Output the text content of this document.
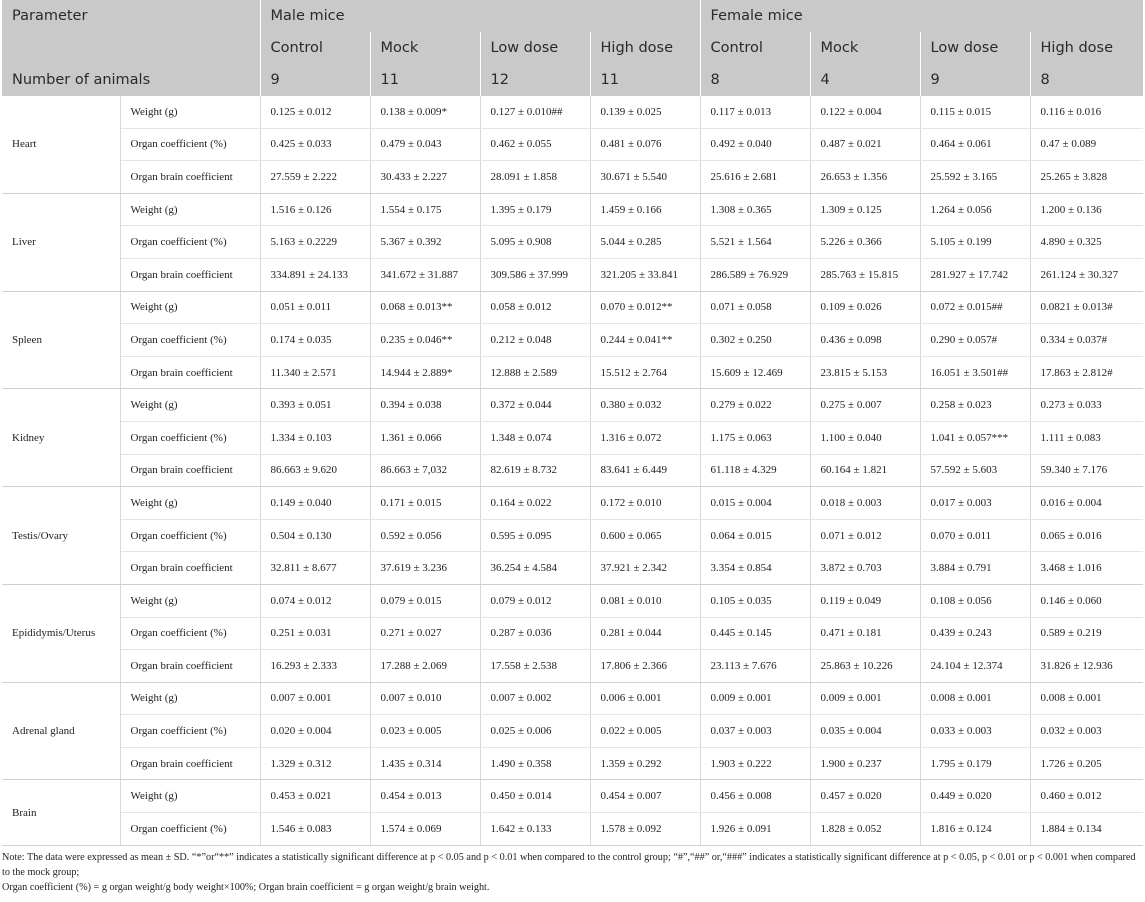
Parameter		Male mice				Female mice			
		Control	Mock	Low dose	High dose	Control	Mock	Low dose	High dose
Number of animals		9	11	12	11	8	4	9	8
Heart	Weight (g)	0.125 ± 0.012	0.138 ± 0.009*	0.127 ± 0.010##	0.139 ± 0.025	0.117 ± 0.013	0.122 ± 0.004	0.115 ± 0.015	0.116 ± 0.016
	Organ coefficient (%)	0.425 ± 0.033	0.479 ± 0.043	0.462 ± 0.055	0.481 ± 0.076	0.492 ± 0.040	0.487 ± 0.021	0.464 ± 0.061	0.47 ± 0.089
	Organ brain coefficient	27.559 ± 2.222	30.433 ± 2.227	28.091 ± 1.858	30.671 ± 5.540	25.616 ± 2.681	26.653 ± 1.356	25.592 ± 3.165	25.265 ± 3.828
Liver	Weight (g)	1.516 ± 0.126	1.554 ± 0.175	1.395 ± 0.179	1.459 ± 0.166	1.308 ± 0.365	1.309 ± 0.125	1.264 ± 0.056	1.200 ± 0.136
	Organ coefficient (%)	5.163 ± 0.2229	5.367 ± 0.392	5.095 ± 0.908	5.044 ± 0.285	5.521 ± 1.564	5.226 ± 0.366	5.105 ± 0.199	4.890 ± 0.325
	Organ brain coefficient	334.891 ± 24.133	341.672 ± 31.887	309.586 ± 37.999	321.205 ± 33.841	286.589 ± 76.929	285.763 ± 15.815	281.927 ± 17.742	261.124 ± 30.327
Spleen	Weight (g)	0.051 ± 0.011	0.068 ± 0.013**	0.058 ± 0.012	0.070 ± 0.012**	0.071 ± 0.058	0.109 ± 0.026	0.072 ± 0.015##	0.0821 ± 0.013#
	Organ coefficient (%)	0.174 ± 0.035	0.235 ± 0.046**	0.212 ± 0.048	0.244 ± 0.041**	0.302 ± 0.250	0.436 ± 0.098	0.290 ± 0.057#	0.334 ± 0.037#
	Organ brain coefficient	11.340 ± 2.571	14.944 ± 2.889*	12.888 ± 2.589	15.512 ± 2.764	15.609 ± 12.469	23.815 ± 5.153	16.051 ± 3.501##	17.863 ± 2.812#
Kidney	Weight (g)	0.393 ± 0.051	0.394 ± 0.038	0.372 ± 0.044	0.380 ± 0.032	0.279 ± 0.022	0.275 ± 0.007	0.258 ± 0.023	0.273 ± 0.033
	Organ coefficient (%)	1.334 ± 0.103	1.361 ± 0.066	1.348 ± 0.074	1.316 ± 0.072	1.175 ± 0.063	1.100 ± 0.040	1.041 ± 0.057***	1.111 ± 0.083
	Organ brain coefficient	86.663 ± 9.620	86.663 ± 7,032	82.619 ± 8.732	83.641 ± 6.449	61.118 ± 4.329	60.164 ± 1.821	57.592 ± 5.603	59.340 ± 7.176
Testis/Ovary	Weight (g)	0.149 ± 0.040	0.171 ± 0.015	0.164 ± 0.022	0.172 ± 0.010	0.015 ± 0.004	0.018 ± 0.003	0.017 ± 0.003	0.016 ± 0.004
	Organ coefficient (%)	0.504 ± 0.130	0.592 ± 0.056	0.595 ± 0.095	0.600 ± 0.065	0.064 ± 0.015	0.071 ± 0.012	0.070 ± 0.011	0.065 ± 0.016
	Organ brain coefficient	32.811 ± 8.677	37.619 ± 3.236	36.254 ± 4.584	37.921 ± 2.342	3.354 ± 0.854	3.872 ± 0.703	3.884 ± 0.791	3.468 ± 1.016
Epididymis/Uterus	Weight (g)	0.074 ± 0.012	0.079 ± 0.015	0.079 ± 0.012	0.081 ± 0.010	0.105 ± 0.035	0.119 ± 0.049	0.108 ± 0.056	0.146 ± 0.060
	Organ coefficient (%)	0.251 ± 0.031	0.271 ± 0.027	0.287 ± 0.036	0.281 ± 0.044	0.445 ± 0.145	0.471 ± 0.181	0.439 ± 0.243	0.589 ± 0.219
	Organ brain coefficient	16.293 ± 2.333	17.288 ± 2.069	17.558 ± 2.538	17.806 ± 2.366	23.113 ± 7.676	25.863 ± 10.226	24.104 ± 12.374	31.826 ± 12.936
Adrenal gland	Weight (g)	0.007 ± 0.001	0.007 ± 0.010	0.007 ± 0.002	0.006 ± 0.001	0.009 ± 0.001	0.009 ± 0.001	0.008 ± 0.001	0.008 ± 0.001
	Organ coefficient (%)	0.020 ± 0.004	0.023 ± 0.005	0.025 ± 0.006	0.022 ± 0.005	0.037 ± 0.003	0.035 ± 0.004	0.033 ± 0.003	0.032 ± 0.003
	Organ brain coefficient	1.329 ± 0.312	1.435 ± 0.314	1.490 ± 0.358	1.359 ± 0.292	1.903 ± 0.222	1.900 ± 0.237	1.795 ± 0.179	1.726 ± 0.205
Brain	Weight (g)	0.453 ± 0.021	0.454 ± 0.013	0.450 ± 0.014	0.454 ± 0.007	0.456 ± 0.008	0.457 ± 0.020	0.449 ± 0.020	0.460 ± 0.012
	Organ coefficient (%)	1.546 ± 0.083	1.574 ± 0.069	1.642 ± 0.133	1.578 ± 0.092	1.926 ± 0.091	1.828 ± 0.052	1.816 ± 0.124	1.884 ± 0.134
Note: The data were expressed as mean ± SD. “*”or“**” indicates a statistically significant difference at p < 0.05 and p < 0.01 when compared to the control group; “#”,“##” or,“###” indicates a statistically significant difference at p < 0.05, p < 0.01 or p < 0.001 when compared to the mock group;
Organ coefficient (%) = g organ weight/g body weight×100%; Organ brain coefficient = g organ weight/g brain weight.
